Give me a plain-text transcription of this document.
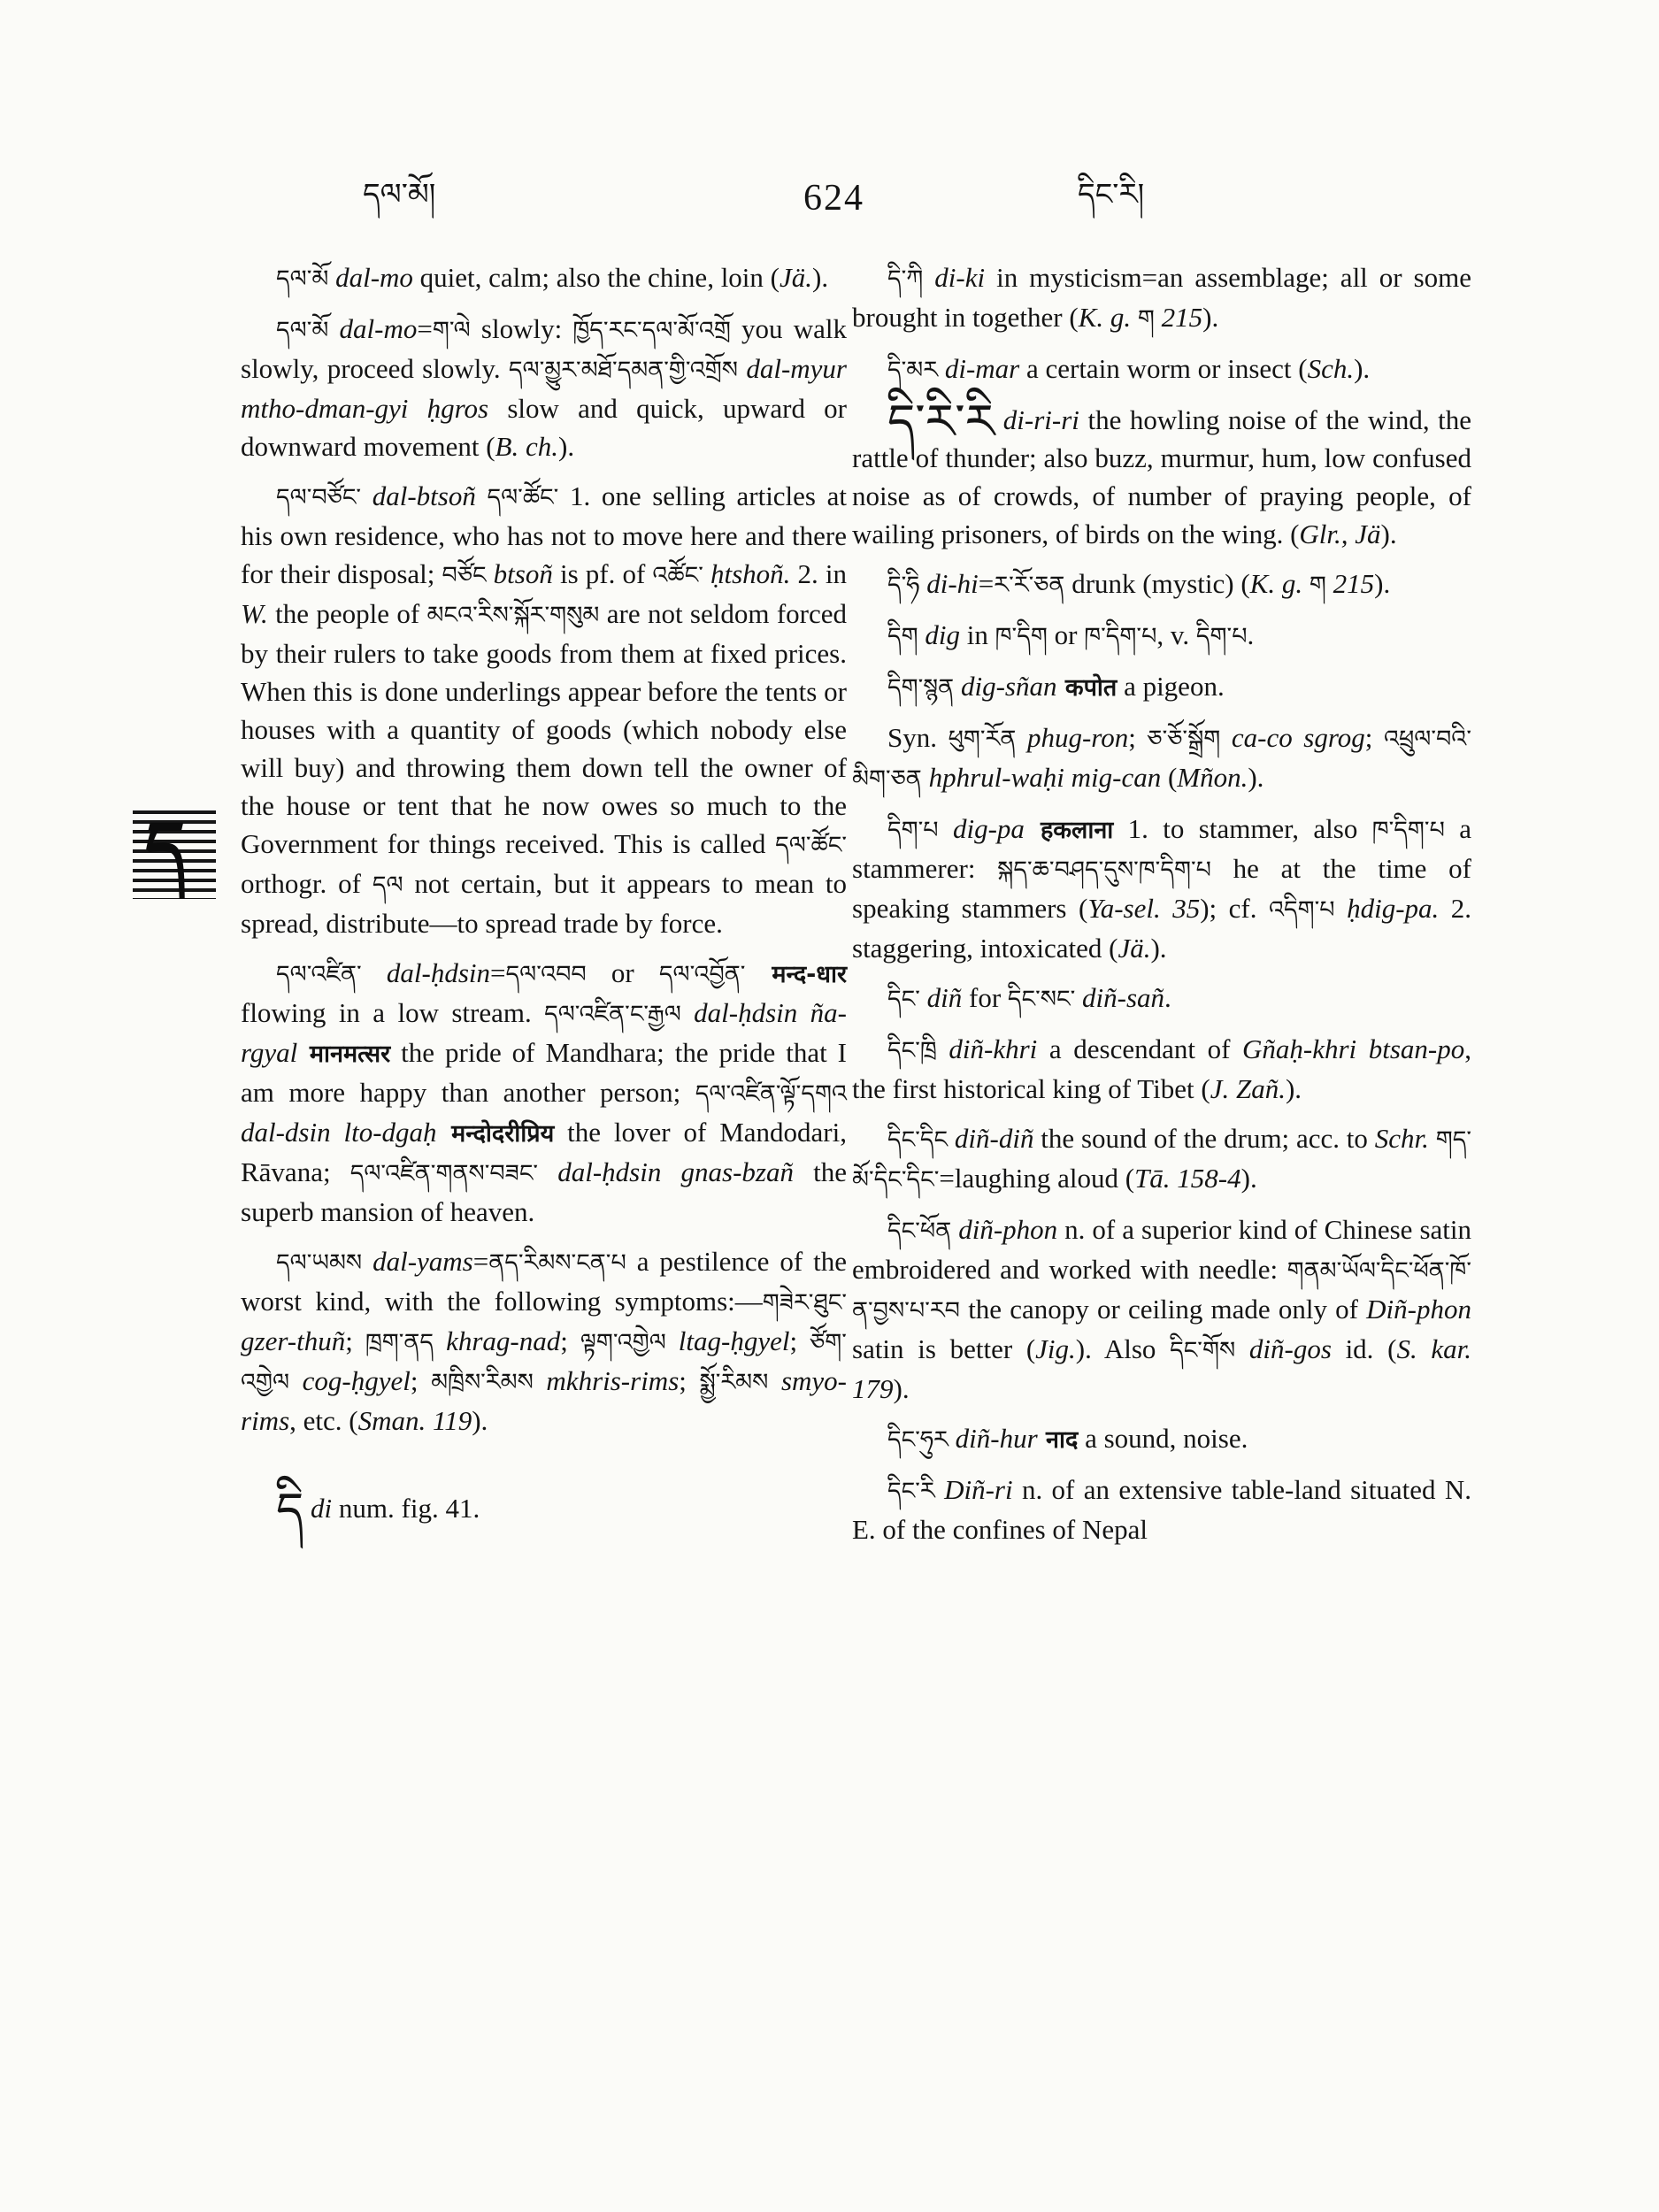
དལ་མོ།	624	དིང་རི།
ད

དལ་མོ dal-mo quiet, calm; also the chine, loin (Jä.).

དལ་མོ dal-mo=ག་ལེ slowly: ཁྱོད་རང་དལ་མོ་འགྲོ you walk slowly, proceed slowly. དལ་མྱུར་མཐོ་དམན་གྱི་འགྲོས dal-myur mtho-dman-gyi ḥgros slow and quick, upward or downward movement (B. ch.).

དལ་བཙོང་ dal-btsoñ དལ་ཚོང་ 1. one selling articles at his own residence, who has not to move here and there for their disposal; བཙོང btsoñ is pf. of འཚོང་ ḥtshoñ. 2. in W. the people of མངའ་རིས་སྐོར་གསུམ are not seldom forced by their rulers to take goods from them at fixed prices. When this is done underlings appear before the tents or houses with a quantity of goods (which nobody else will buy) and throwing them down tell the owner of the house or tent that he now owes so much to the Government for things received. This is called དལ་ཚོང་ orthogr. of དལ not certain, but it appears to mean to spread, distribute—to spread trade by force.

དལ་འཛིན་ dal-ḥdsin=དལ་འབབ or དལ་འབྱོན་ मन्द-धार flowing in a low stream. དལ་འཛིན་ང་རྒྱལ dal-ḥdsin ña-rgyal मानमत्सर the pride of Mandhara; the pride that I am more happy than another person; དལ་འཛིན་ལྟོ་དགའ dal-dsin lto-dgaḥ मन्दोदरीप्रिय the lover of Mandodari, Rāvana; དལ་འཛིན་གནས་བཟང་ dal-ḥdsin gnas-bzañ the superb mansion of heaven.

དལ་ཡམས dal-yams=ནད་རིམས་ངན་པ a pestilence of the worst kind, with the following symptoms:—གཟེར་ཐུང་ gzer-thuñ; ཁྲག་ནད khrag-nad; ལྟག་འགྱེལ ltag-ḥgyel; ཙོག་འགྱེལ cog-ḥgyel; མཁྲིས་རིམས mkhris-rims; སྨྱོ་རིམས smyo-rims, etc. (Sman. 119).

དི di num. fig. 41.

དི་ཀི di-ki in mysticism=an assemblage; all or some brought in together (K. g. ག 215).

དི་མར di-mar a certain worm or insect (Sch.).

དི་རི་རི di-ri-ri the howling noise of the wind, the rattle of thunder; also buzz, murmur, hum, low confused noise as of crowds, of number of praying people, of wailing prisoners, of birds on the wing. (Glr., Jä).

དི་ཧི di-hi=ར་རོ་ཅན drunk (mystic) (K. g. ག 215).

དིག dig in ཁ་དིག or ཁ་དིག་པ, v. དིག་པ.

དིག་སྙན dig-sñan कपोत a pigeon.

Syn. ཕུག་རོན phug-ron; ཅ་ཅོ་སྒྲོག ca-co sgrog; འཕྲུལ་བའི་མིག་ཅན hphrul-waḥi mig-can (Mñon.).

དིག་པ dig-pa हकलाना 1. to stammer, also ཁ་དིག་པ a stammerer: སྐད་ཆ་བཤད་དུས་ཁ་དིག་པ he at the time of speaking stammers (Ya-sel. 35); cf. འདིག་པ ḥdig-pa. 2. staggering, intoxicated (Jä.).

དིང་ diñ for དིང་སང་ diñ-sañ.

དིང་ཁྲི diñ-khri a descendant of Gñaḥ-khri btsan-po, the first historical king of Tibet (J. Zañ.).

དིང་དིང diñ-diñ the sound of the drum; acc. to Schr. གད་མོ་དིང་དིང་=laughing aloud (Tā. 158-4).

དིང་ཕོན diñ-phon n. of a superior kind of Chinese satin embroidered and worked with needle: གནམ་ཡོལ་དིང་ཕོན་ཁོ་ན་བྱས་པ་རབ the canopy or ceiling made only of Diñ-phon satin is better (Jig.). Also དིང་གོས diñ-gos id. (S. kar. 179).

དིང་ཧུར diñ-hur नाद a sound, noise.

དིང་རི Diñ-ri n. of an extensive table-land situated N. E. of the confines of Nepal
